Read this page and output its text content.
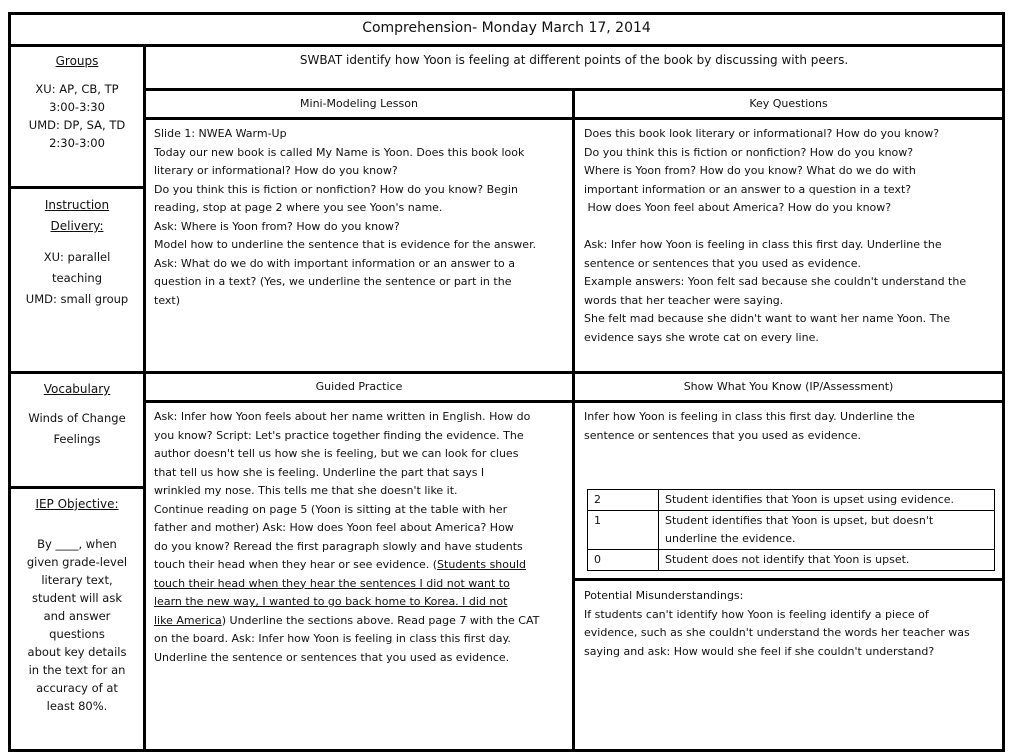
Comprehension- Monday March 17, 2014
SWBAT identify how Yoon is feeling at different points of the book by discussing with peers.
Mini-Modeling Lesson	Key Questions
Groups
XU: AP, CB, TP
3:00-3:30
UMD: DP, SA, TD
2:30-3:00
Instruction
Delivery:
XU: parallel
teaching
UMD: small group
Vocabulary
Winds of Change
Feelings
IEP Objective:
By ____, when
given grade-level
literary text,
student will ask
and answer
questions
about key details
in the text for an
accuracy of at
least 80%.
Slide 1: NWEA Warm-Up
Today our new book is called My Name is Yoon. Does this book look
literary or informational? How do you know?
Do you think this is fiction or nonfiction? How do you know? Begin
reading, stop at page 2 where you see Yoon's name.
Ask: Where is Yoon from? How do you know?
Model how to underline the sentence that is evidence for the answer.
Ask: What do we do with important information or an answer to a
question in a text? (Yes, we underline the sentence or part in the
text)
Does this book look literary or informational? How do you know?
Do you think this is fiction or nonfiction? How do you know?
Where is Yoon from? How do you know? What do we do with
important information or an answer to a question in a text?
How does Yoon feel about America? How do you know?
Ask: Infer how Yoon is feeling in class this first day. Underline the
sentence or sentences that you used as evidence.
Example answers: Yoon felt sad because she couldn't understand the
words that her teacher were saying.
She felt mad because she didn't want to want her name Yoon. The
evidence says she wrote cat on every line.
Guided Practice	Show What You Know (IP/Assessment)
Ask: Infer how Yoon feels about her name written in English. How do
you know? Script: Let's practice together finding the evidence. The
author doesn't tell us how she is feeling, but we can look for clues
that tell us how she is feeling. Underline the part that says I
wrinkled my nose. This tells me that she doesn't like it.
Continue reading on page 5 (Yoon is sitting at the table with her
father and mother) Ask: How does Yoon feel about America? How
do you know? Reread the first paragraph slowly and have students
touch their head when they hear or see evidence. (Students should
touch their head when they hear the sentences I did not want to
learn the new way, I wanted to go back home to Korea. I did not
like America) Underline the sections above. Read page 7 with the CAT
on the board. Ask: Infer how Yoon is feeling in class this first day.
Underline the sentence or sentences that you used as evidence.
Infer how Yoon is feeling in class this first day. Underline the
sentence or sentences that you used as evidence.
2	Student identifies that Yoon is upset using evidence.
1	Student identifies that Yoon is upset, but doesn't underline the evidence.
0	Student does not identify that Yoon is upset.
Potential Misunderstandings:
If students can't identify how Yoon is feeling identify a piece of
evidence, such as she couldn't understand the words her teacher was
saying and ask: How would she feel if she couldn't understand?
